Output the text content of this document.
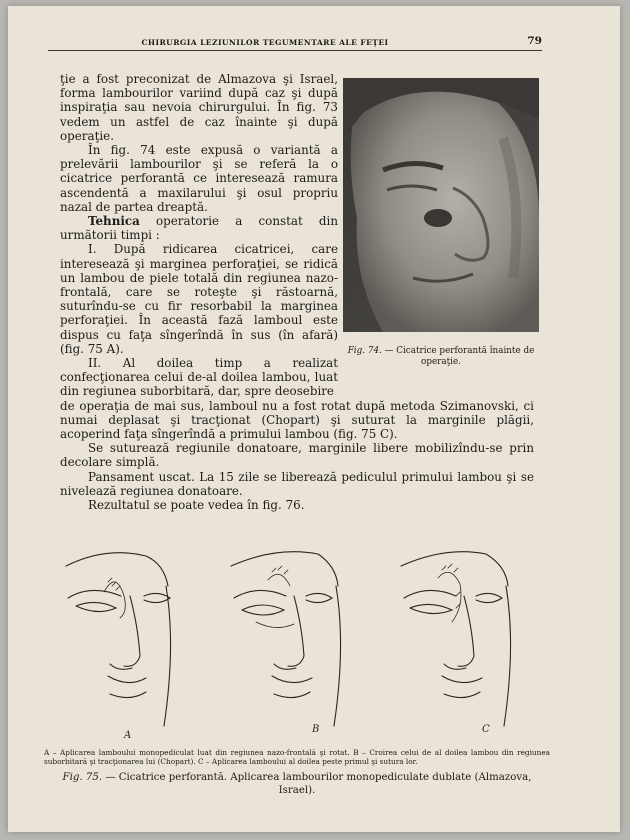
CHIRURGIA LEZIUNILOR TEGUMENTARE ALE FEŢEI	79

ţie a fost preconizat de Almazova şi Israel, forma lambourilor variind după caz şi după inspiraţia sau nevoia chirurgului. În fig. 73 vedem un astfel de caz înainte şi după operaţie.

În fig. 74 este expusă o variantă a prelevării lambourilor şi se referă la o cicatrice perforantă ce interesează ramura ascendentă a maxilarului şi osul propriu nazal de partea dreaptă.

Tehnica operatorie a constat din următorii timpi :

I. După ridicarea cicatricei, care interesează şi marginea perforaţiei, se ridică un lambou de piele totală din regiunea nazo-frontală, care se roteşte şi răstoarnă, suturîndu-se cu fir resorbabil la marginea perforaţiei. În această fază lamboul este dispus cu faţa sîngerîndă în sus (în afară) (fig. 75 A).

II. Al doilea timp a realizat confecţionarea celui de-al doilea lambou, luat din regiunea suborbitară, dar, spre deosebire

de operaţia de mai sus, lamboul nu a fost rotat după metoda Szimanovski, ci numai deplasat şi tracţionat (Chopart) şi suturat la marginile plăgii, acoperind faţa sîngerîndă a primului lambou (fig. 75 C).

Se suturează regiunile donatoare, marginile libere mobilizîndu-se prin decolare simplă.

Pansament uscat. La 15 zile se liberează pediculul primului lambou şi se nivelează regiunea donatoare.

Rezultatul se poate vedea în fig. 76.

Fig. 74. — Cicatrice perforantă înainte de operaţie.
A
B	C
A – Aplicarea lamboului monopediculat luat din regiunea nazo-frontală şi rotat. B – Croirea celui de al doilea lambou din regiunea suborbitară şi tracţionarea lui (Chopart). C – Aplicarea lamboului al doilea peste primul şi sutura lor.
Fig. 75. — Cicatrice perforantă. Aplicarea lambourilor monopediculate dublate (Almazova, Israel).
